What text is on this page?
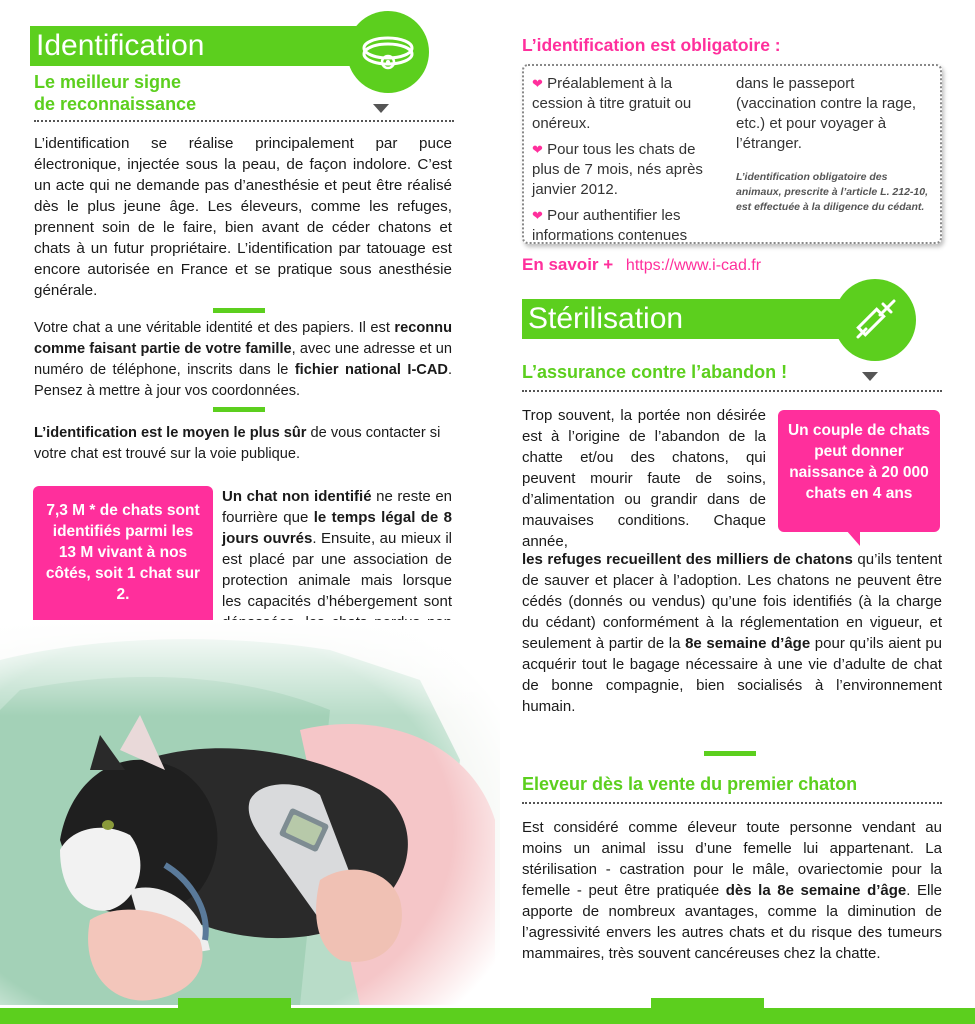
Identification
Le meilleur signe
de reconnaissance
L’identification se réalise principalement par puce électronique, injectée sous la peau, de façon indolore. C’est un acte qui ne demande pas d’anesthésie et peut être réalisé dès le plus jeune âge. Les éleveurs, comme les refuges, prennent soin de le faire, bien avant de céder chatons et chats à un futur propriétaire. L’identification par tatouage est encore autorisée en France et se pratique sous anesthésie générale.
Votre chat a une véritable identité et des papiers. Il est reconnu comme faisant partie de votre famille, avec une adresse et un numéro de téléphone, inscrits dans le fichier national I-CAD. Pensez à mettre à jour vos coordonnées.
L’identification est le moyen le plus sûr de vous contacter si votre chat est trouvé sur la voie publique.
7,3 M * de chats sont identifiés parmi les 13 M vivant à nos côtés, soit 1 chat sur 2.
Un chat non identifié ne reste en fourrière que le temps légal de 8 jours ouvrés. Ensuite, au mieux il est placé par une association de protection animale mais lorsque les capacités d’hébergement sont
L’identification est obligatoire :
❤ Préalablement à la cession à titre gratuit ou onéreux.
❤ Pour tous les chats de plus de 7 mois, nés après janvier 2012.
❤ Pour authentifier les informations contenues
dans le passeport (vaccination contre la rage, etc.) et pour voyager à l’étranger.
L’identification obligatoire des animaux, prescrite à l’article L. 212-10, est effectuée à la diligence du cédant.
En savoir + https://www.i-cad.fr
Stérilisation
L’assurance contre l’abandon !
Un couple de chats peut donner naissance à 20 000 chats en 4 ans
Trop souvent, la portée non désirée est à l’origine de l’abandon de la chatte et/ou des chatons, qui peuvent mourir faute de soins, d’alimentation ou grandir dans de mauvaises conditions. Chaque année,
les refuges recueillent des milliers de chatons qu’ils tentent de sauver et placer à l’adoption. Les chatons ne peuvent être cédés (donnés ou vendus) qu’une fois identifiés (à la charge du cédant) conformément à la réglementation en vigueur, et seulement à partir de la 8e semaine d’âge pour qu’ils aient pu acquérir tout le bagage nécessaire à une vie d’adulte de chat de bonne compagnie, bien socialisés à l’environnement humain.
Eleveur dès la vente du premier chaton
Est considéré comme éleveur toute personne vendant au moins un animal issu d’une femelle lui appartenant. La stérilisation - castration pour le mâle, ovariectomie pour la femelle - peut être pratiquée dès la 8e semaine d’âge. Elle apporte de nombreux avantages, comme la diminution de l’agressivité envers les autres chats et du risque des tumeurs mammaires, très souvent cancéreuses chez la chatte.
